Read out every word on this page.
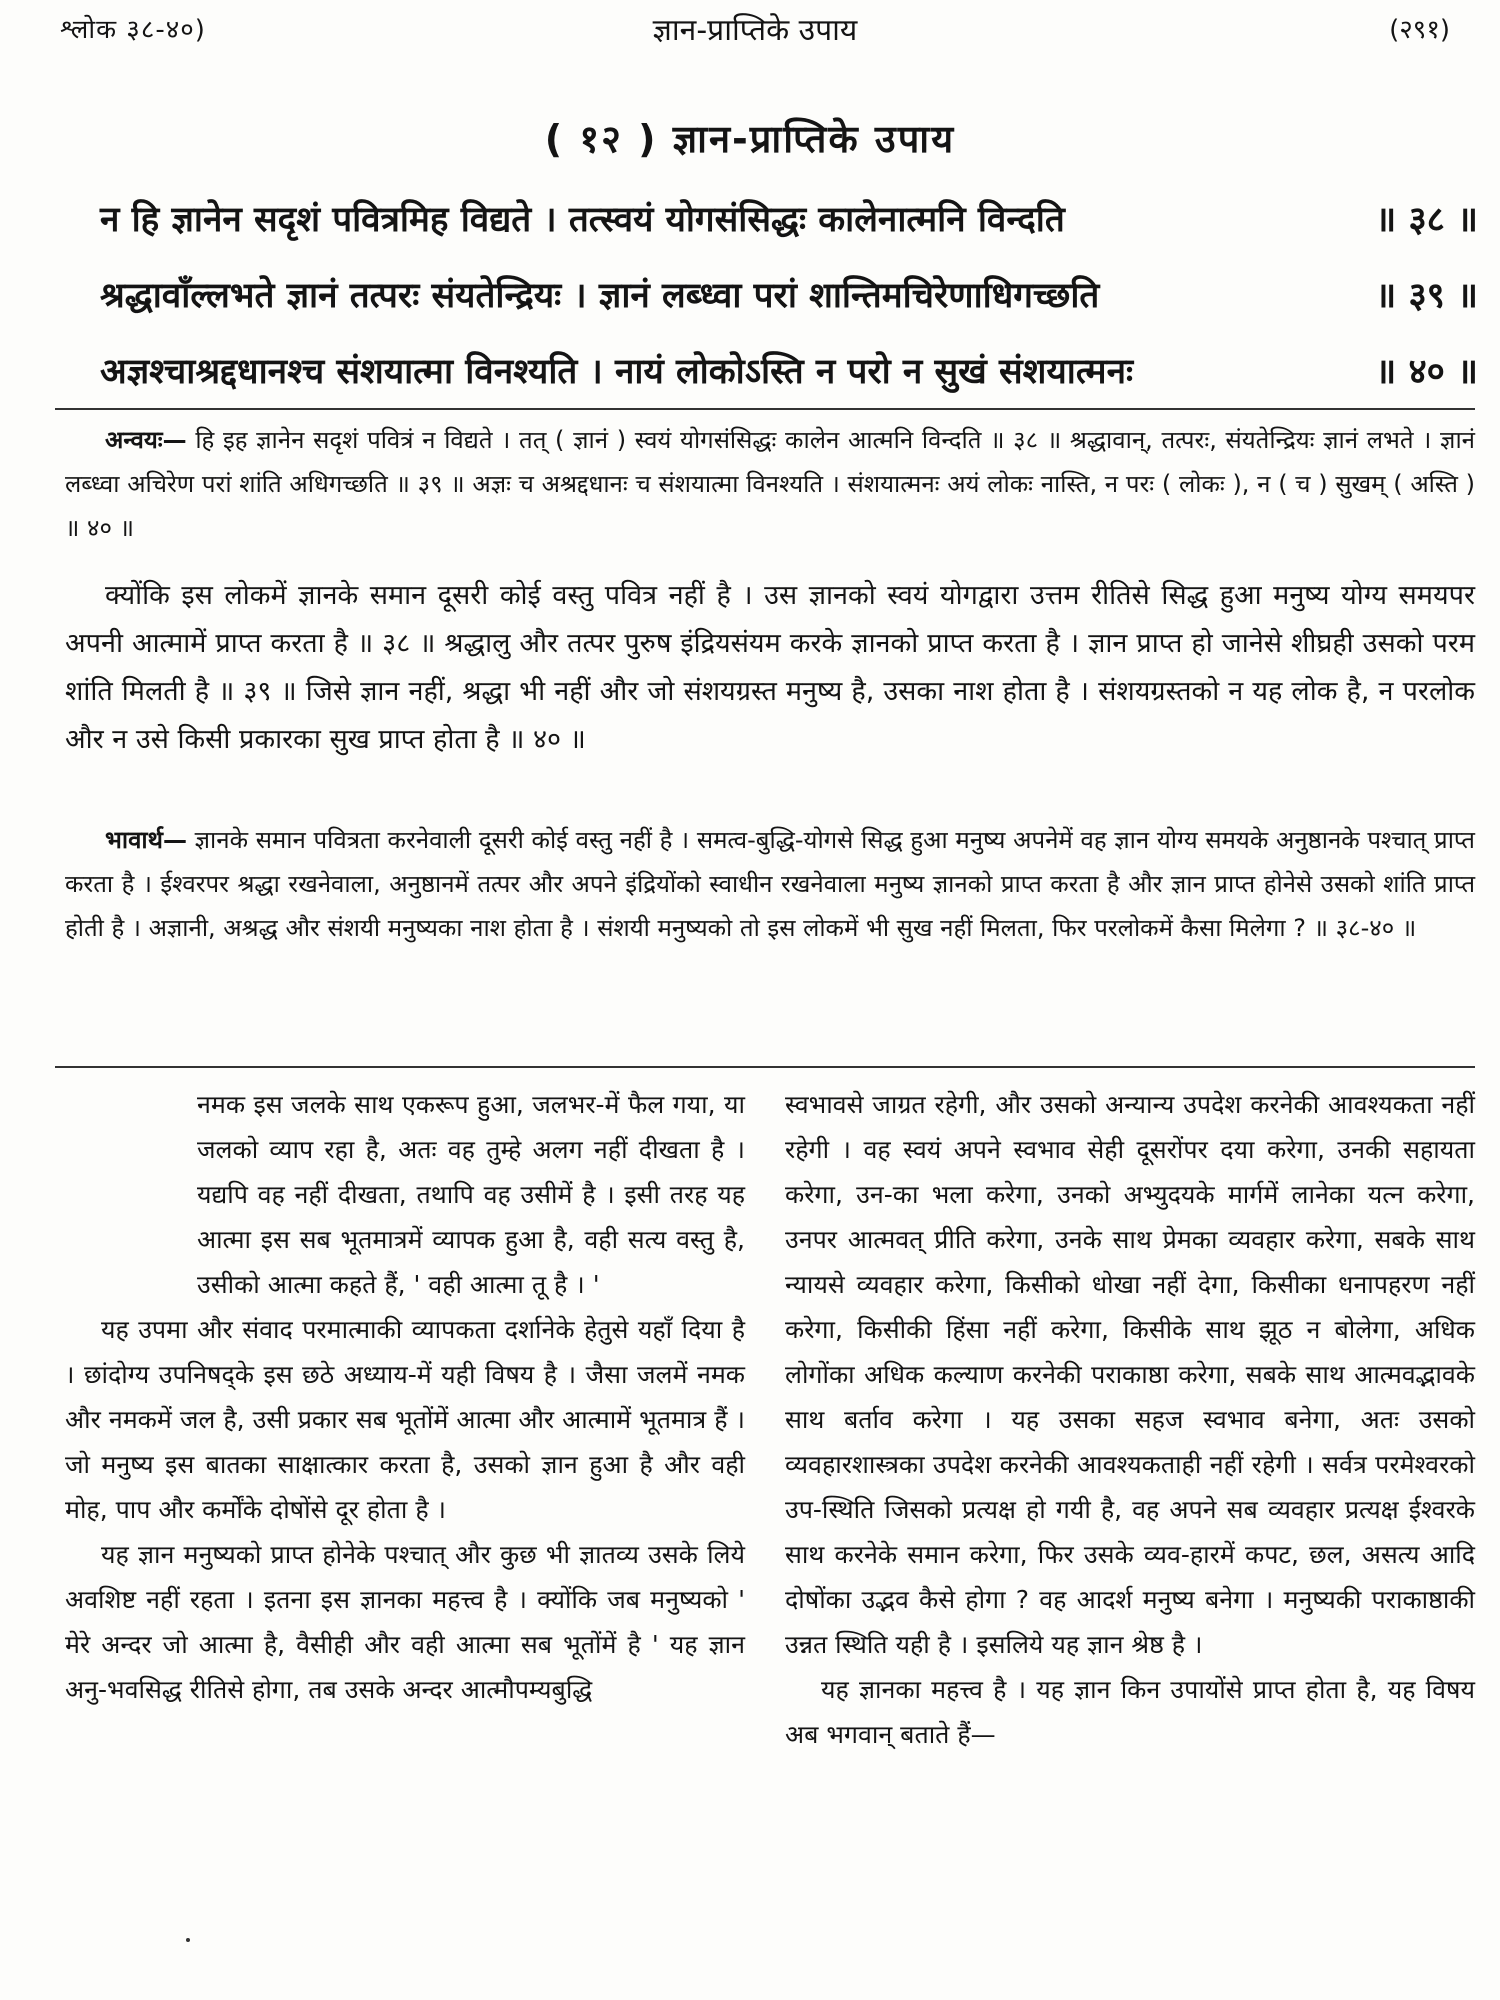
श्लोक ३८-४०)	ज्ञान-प्राप्तिके उपाय	(२९१)
( १२ ) ज्ञान-प्राप्तिके उपाय
न हि ज्ञानेन सदृशं पवित्रमिह विद्यते । तत्स्वयं योगसंसिद्धः कालेनात्मनि विन्दति	॥ ३८ ॥
श्रद्धावाँल्लभते ज्ञानं तत्परः संयतेन्द्रियः । ज्ञानं लब्ध्वा परां शान्तिमचिरेणाधिगच्छति	॥ ३९ ॥
अज्ञश्चाश्रद्दधानश्च संशयात्मा विनश्यति । नायं लोकोऽस्ति न परो न सुखं संशयात्मनः	॥ ४० ॥

अन्वयः— हि इह ज्ञानेन सदृशं पवित्रं न विद्यते । तत् ( ज्ञानं ) स्वयं योगसंसिद्धः कालेन आत्मनि विन्दति ॥ ३८ ॥ श्रद्धावान्, तत्परः, संयतेन्द्रियः ज्ञानं लभते । ज्ञानं लब्ध्वा अचिरेण परां शांति अधिगच्छति ॥ ३९ ॥ अज्ञः च अश्रद्दधानः च संशयात्मा विनश्यति । संशयात्मनः अयं लोकः नास्ति, न परः ( लोकः ), न ( च ) सुखम् ( अस्ति ) ॥ ४० ॥

क्योंकि इस लोकमें ज्ञानके समान दूसरी कोई वस्तु पवित्र नहीं है । उस ज्ञानको स्वयं योगद्वारा उत्तम रीतिसे सिद्ध हुआ मनुष्य योग्य समयपर अपनी आत्मामें प्राप्त करता है ॥ ३८ ॥ श्रद्धालु और तत्पर पुरुष इंद्रियसंयम करके ज्ञानको प्राप्त करता है । ज्ञान प्राप्त हो जानेसे शीघ्रही उसको परम शांति मिलती है ॥ ३९ ॥ जिसे ज्ञान नहीं, श्रद्धा भी नहीं और जो संशयग्रस्त मनुष्य है, उसका नाश होता है । संशयग्रस्तको न यह लोक है, न परलोक और न उसे किसी प्रकारका सुख प्राप्त होता है ॥ ४० ॥

भावार्थ— ज्ञानके समान पवित्रता करनेवाली दूसरी कोई वस्तु नहीं है । समत्व-बुद्धि-योगसे सिद्ध हुआ मनुष्य अपनेमें वह ज्ञान योग्य समयके अनुष्ठानके पश्चात् प्राप्त करता है । ईश्वरपर श्रद्धा रखनेवाला, अनुष्ठानमें तत्पर और अपने इंद्रियोंको स्वाधीन रखनेवाला मनुष्य ज्ञानको प्राप्त करता है और ज्ञान प्राप्त होनेसे उसको शांति प्राप्त होती है । अज्ञानी, अश्रद्ध और संशयी मनुष्यका नाश होता है । संशयी मनुष्यको तो इस लोकमें भी सुख नहीं मिलता, फिर परलोकमें कैसा मिलेगा ? ॥ ३८-४० ॥

नमक इस जलके साथ एकरूप हुआ, जलभर-में फैल गया, या जलको व्याप रहा है, अतः वह तुम्हे अलग नहीं दीखता है । यद्यपि वह नहीं दीखता, तथापि वह उसीमें है । इसी तरह यह आत्मा इस सब भूतमात्रमें व्यापक हुआ है, वही सत्य वस्तु है, उसीको आत्मा कहते हैं, ' वही आत्मा तू है । '

यह उपमा और संवाद परमात्माकी व्यापकता दर्शानेके हेतुसे यहाँ दिया है । छांदोग्य उपनिषद्के इस छठे अध्याय-में यही विषय है । जैसा जलमें नमक और नमकमें जल है, उसी प्रकार सब भूतोंमें आत्मा और आत्मामें भूतमात्र हैं । जो मनुष्य इस बातका साक्षात्कार करता है, उसको ज्ञान हुआ है और वही मोह, पाप और कर्मोंके दोषोंसे दूर होता है ।

यह ज्ञान मनुष्यको प्राप्त होनेके पश्चात् और कुछ भी ज्ञातव्य उसके लिये अवशिष्ट नहीं रहता । इतना इस ज्ञानका महत्त्व है । क्योंकि जब मनुष्यको ' मेरे अन्दर जो आत्मा है, वैसीही और वही आत्मा सब भूतोंमें है ' यह ज्ञान अनु-भवसिद्ध रीतिसे होगा, तब उसके अन्दर आत्मौपम्यबुद्धि

स्वभावसे जाग्रत रहेगी, और उसको अन्यान्य उपदेश करनेकी आवश्यकता नहीं रहेगी । वह स्वयं अपने स्वभाव सेही दूसरोंपर दया करेगा, उनकी सहायता करेगा, उन-का भला करेगा, उनको अभ्युदयके मार्गमें लानेका यत्न करेगा, उनपर आत्मवत् प्रीति करेगा, उनके साथ प्रेमका व्यवहार करेगा, सबके साथ न्यायसे व्यवहार करेगा, किसीको धोखा नहीं देगा, किसीका धनापहरण नहीं करेगा, किसीकी हिंसा नहीं करेगा, किसीके साथ झूठ न बोलेगा, अधिक लोगोंका अधिक कल्याण करनेकी पराकाष्ठा करेगा, सबके साथ आत्मवद्भावके साथ बर्ताव करेगा । यह उसका सहज स्वभाव बनेगा, अतः उसको व्यवहारशास्त्रका उपदेश करनेकी आवश्यकताही नहीं रहेगी । सर्वत्र परमेश्वरको उप-स्थिति जिसको प्रत्यक्ष हो गयी है, वह अपने सब व्यवहार प्रत्यक्ष ईश्वरके साथ करनेके समान करेगा, फिर उसके व्यव-हारमें कपट, छल, असत्य आदि दोषोंका उद्भव कैसे होगा ? वह आदर्श मनुष्य बनेगा । मनुष्यकी पराकाष्ठाकी उन्नत स्थिति यही है । इसलिये यह ज्ञान श्रेष्ठ है ।

यह ज्ञानका महत्त्व है । यह ज्ञान किन उपायोंसे प्राप्त होता है, यह विषय अब भगवान् बताते हैं—
